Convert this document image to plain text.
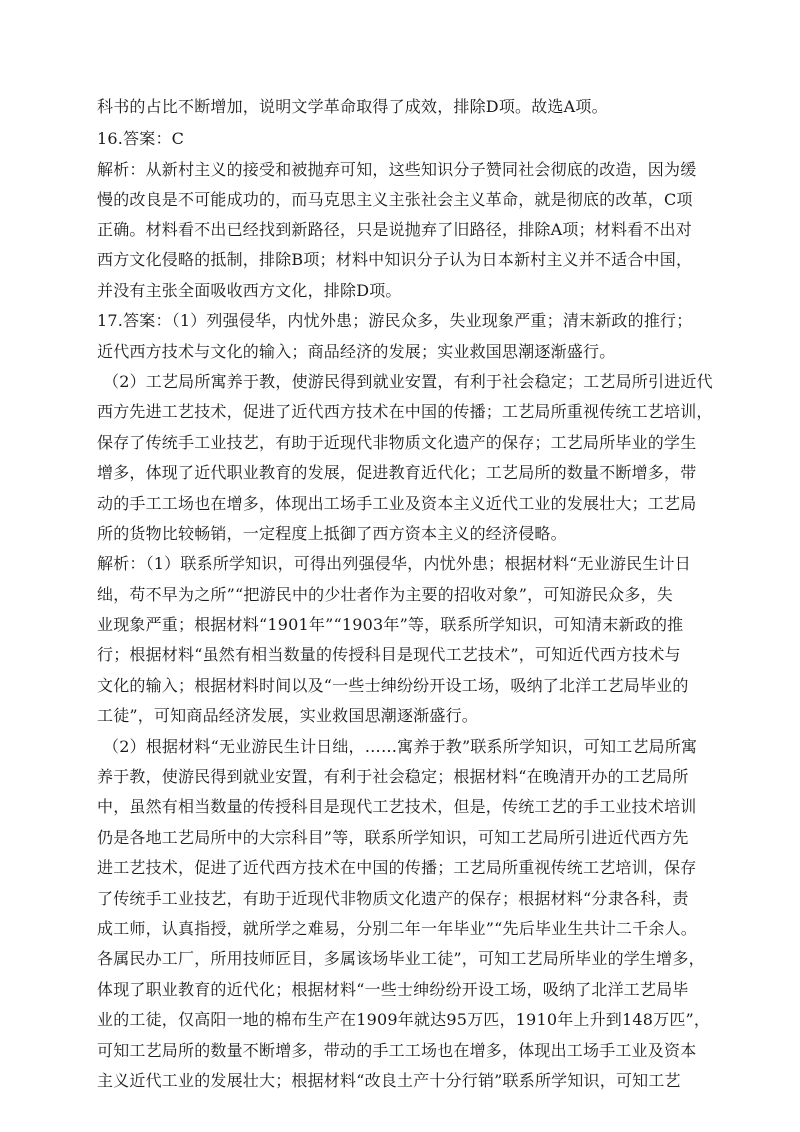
科书的占比不断增加，说明文学革命取得了成效，排除D项。故选A项。
16.答案：C
解析：从新村主义的接受和被抛弃可知，这些知识分子赞同社会彻底的改造，因为缓
慢的改良是不可能成功的，而马克思主义主张社会主义革命，就是彻底的改革，C项
正确。材料看不出已经找到新路径，只是说抛弃了旧路径，排除A项；材料看不出对
西方文化侵略的抵制，排除B项；材料中知识分子认为日本新村主义并不适合中国，
并没有主张全面吸收西方文化，排除D项。
17.答案：（1）列强侵华，内忧外患；游民众多，失业现象严重；清末新政的推行；
近代西方技术与文化的输入；商品经济的发展；实业救国思潮逐渐盛行。
（2）工艺局所寓养于教，使游民得到就业安置，有利于社会稳定；工艺局所引进近代
西方先进工艺技术，促进了近代西方技术在中国的传播；工艺局所重视传统工艺培训，
保存了传统手工业技艺，有助于近现代非物质文化遗产的保存；工艺局所毕业的学生
增多，体现了近代职业教育的发展，促进教育近代化；工艺局所的数量不断增多，带
动的手工工场也在增多，体现出工场手工业及资本主义近代工业的发展壮大；工艺局
所的货物比较畅销，一定程度上抵御了西方资本主义的经济侵略。
解析：（1）联系所学知识，可得出列强侵华，内忧外患；根据材料“无业游民生计日
绌，苟不早为之所”“把游民中的少壮者作为主要的招收对象”，可知游民众多，失
业现象严重；根据材料“1901年”“1903年”等，联系所学知识，可知清末新政的推
行；根据材料“虽然有相当数量的传授科目是现代工艺技术”，可知近代西方技术与
文化的输入；根据材料时间以及“一些士绅纷纷开设工场，吸纳了北洋工艺局毕业的
工徒”，可知商品经济发展，实业救国思潮逐渐盛行。
（2）根据材料“无业游民生计日绌，……寓养于教”联系所学知识，可知工艺局所寓
养于教，使游民得到就业安置，有利于社会稳定；根据材料“在晚清开办的工艺局所
中，虽然有相当数量的传授科目是现代工艺技术，但是，传统工艺的手工业技术培训
仍是各地工艺局所中的大宗科目”等，联系所学知识，可知工艺局所引进近代西方先
进工艺技术，促进了近代西方技术在中国的传播；工艺局所重视传统工艺培训，保存
了传统手工业技艺，有助于近现代非物质文化遗产的保存；根据材料“分隶各科，责
成工师，认真指授，就所学之难易，分别二年一年毕业”“先后毕业生共计二千余人。
各属民办工厂，所用技师匠目，多属该场毕业工徒”，可知工艺局所毕业的学生增多，
体现了职业教育的近代化；根据材料“一些士绅纷纷开设工场，吸纳了北洋工艺局毕
业的工徒，仅高阳一地的棉布生产在1909年就达95万匹，1910年上升到148万匹”，
可知工艺局所的数量不断增多，带动的手工工场也在增多，体现出工场手工业及资本
主义近代工业的发展壮大；根据材料“改良土产十分行销”联系所学知识，可知工艺
